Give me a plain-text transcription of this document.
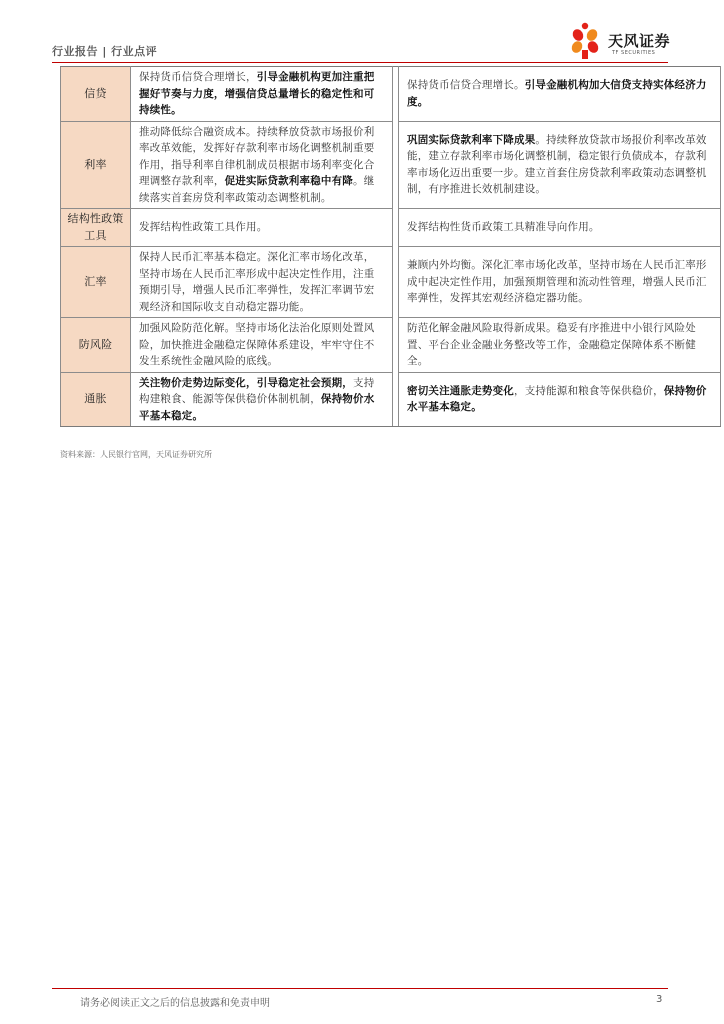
行业报告 | 行业点评
天风证券
TF SECURITIES
信贷	保持货币信贷合理增长，引导金融机构更加注重把握好节奏与力度，增强信贷总量增长的稳定性和可持续性。		保持货币信贷合理增长。引导金融机构加大信贷支持实体经济力度。
利率	推动降低综合融资成本。持续释放贷款市场报价利率改革效能，发挥好存款利率市场化调整机制重要作用，指导利率自律机制成员根据市场利率变化合理调整存款利率，促进实际贷款利率稳中有降。继续落实首套房贷利率政策动态调整机制。		巩固实际贷款利率下降成果。持续释放贷款市场报价利率改革效能，建立存款利率市场化调整机制，稳定银行负债成本，存款利率市场化迈出重要一步。建立首套住房贷款利率政策动态调整机制，有序推进长效机制建设。
结构性政策工具	发挥结构性政策工具作用。		发挥结构性货币政策工具精准导向作用。
汇率	保持人民币汇率基本稳定。深化汇率市场化改革，坚持市场在人民币汇率形成中起决定性作用，注重预期引导，增强人民币汇率弹性，发挥汇率调节宏观经济和国际收支自动稳定器功能。		兼顾内外均衡。深化汇率市场化改革，坚持市场在人民币汇率形成中起决定性作用，加强预期管理和流动性管理，增强人民币汇率弹性，发挥其宏观经济稳定器功能。
防风险	加强风险防范化解。坚持市场化法治化原则处置风险，加快推进金融稳定保障体系建设，牢牢守住不发生系统性金融风险的底线。		防范化解金融风险取得新成果。稳妥有序推进中小银行风险处置、平台企业金融业务整改等工作，金融稳定保障体系不断健全。
通胀	关注物价走势边际变化，引导稳定社会预期，支持构建粮食、能源等保供稳价体制机制，保持物价水平基本稳定。		密切关注通胀走势变化，支持能源和粮食等保供稳价，保持物价水平基本稳定。
资料来源：人民银行官网，天风证券研究所
请务必阅读正文之后的信息披露和免责申明	3
